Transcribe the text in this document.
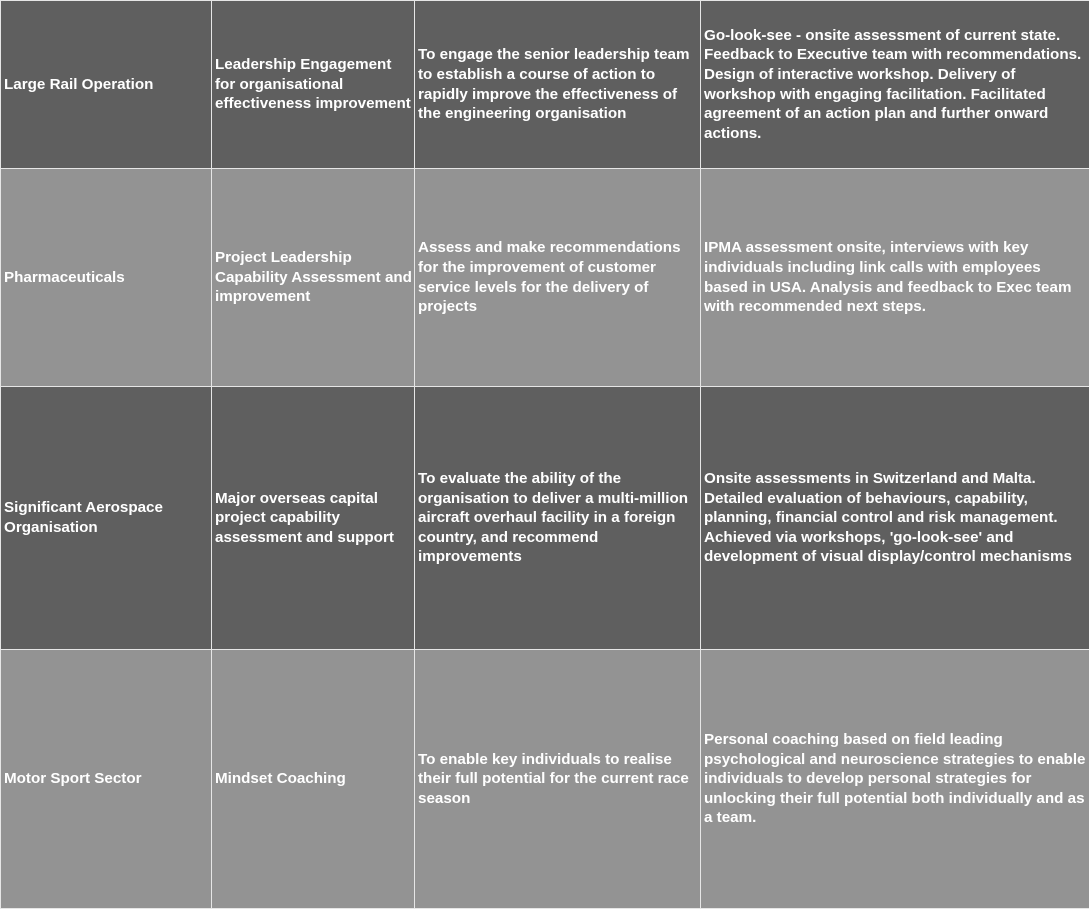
Large Rail Operation	Leadership Engagement for organisational effectiveness improvement	To engage the senior leadership team to establish a course of action to rapidly improve the effectiveness of the engineering organisation	Go-look-see - onsite assessment of current state. Feedback to Executive team with recommendations. Design of interactive workshop. Delivery of workshop with engaging facilitation. Facilitated agreement of an action plan and further onward actions.
Pharmaceuticals	Project Leadership Capability Assessment and improvement	Assess and make recommendations for the improvement of customer service levels for the delivery of projects	IPMA assessment onsite, interviews with key individuals including link calls with employees based in USA. Analysis and feedback to Exec team with recommended next steps.
Significant Aerospace Organisation	Major overseas capital project capability assessment and support	To evaluate the ability of the organisation to deliver a multi-million aircraft overhaul facility in a foreign country, and recommend improvements	Onsite assessments in Switzerland and Malta. Detailed evaluation of behaviours, capability, planning, financial control and risk management. Achieved via workshops, 'go-look-see' and development of visual display/control mechanisms
Motor Sport Sector	Mindset Coaching	To enable key individuals to realise their full potential for the current race season	Personal coaching based on field leading psychological and neuroscience strategies to enable individuals to develop personal strategies for unlocking their full potential both individually and as a team.
